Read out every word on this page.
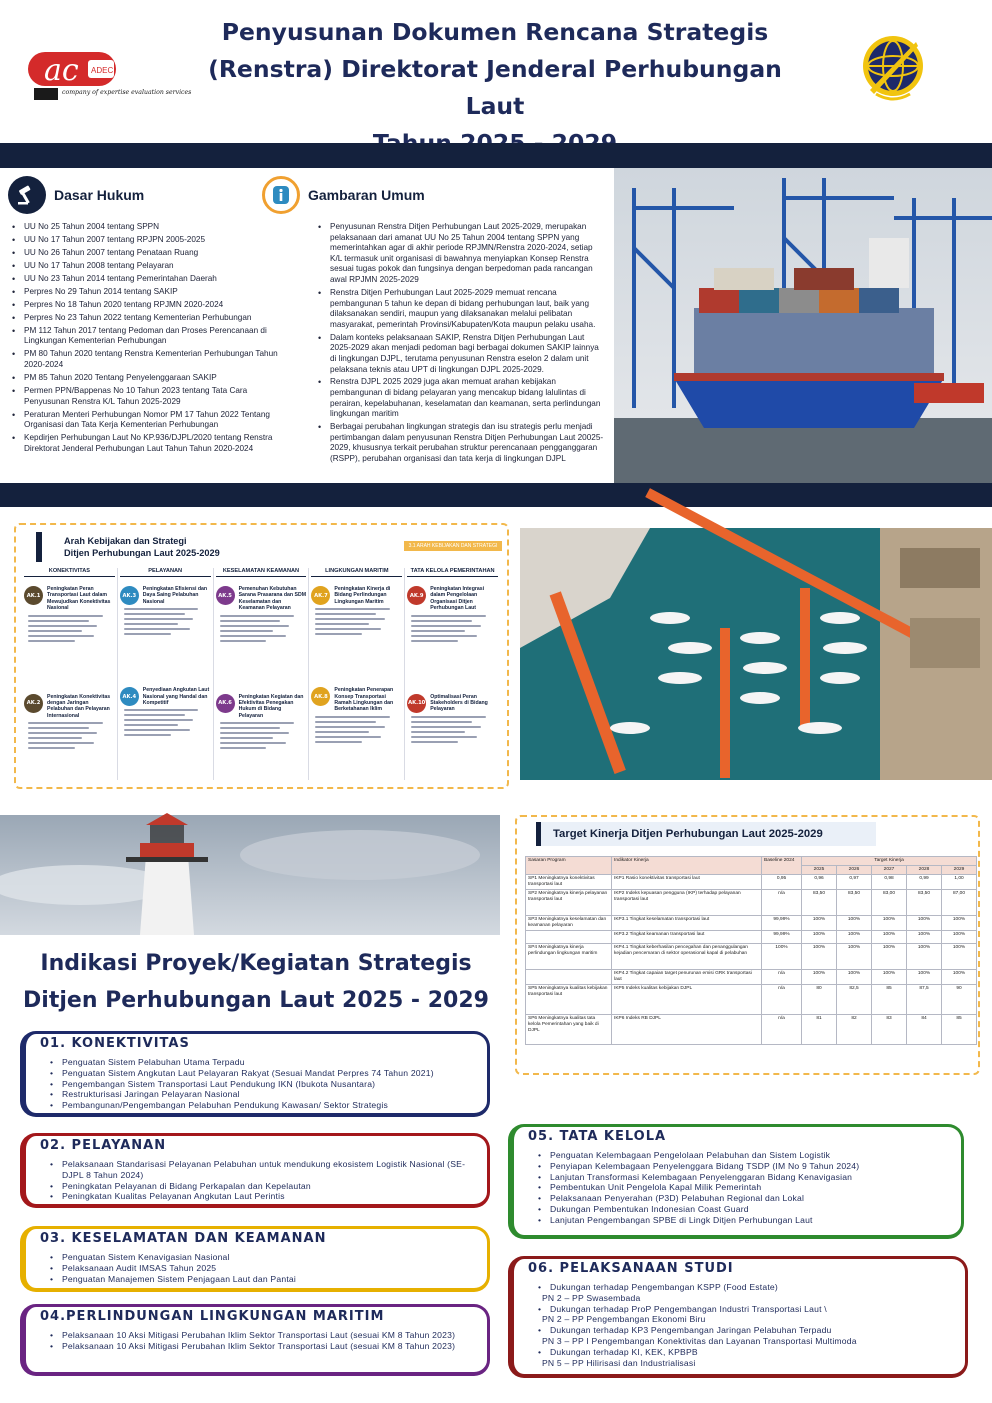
ac ADEC
company of expertise evaluation services
Penyusunan Dokumen Rencana Strategis
(Renstra) Direktorat Jenderal Perhubungan Laut
Dasar Hukum
• UU No 25 Tahun 2004 tentang SPPN
• UU No 17 Tahun 2007 tentang RPJPN 2005-2025
• UU No 26 Tahun 2007 tentang Penataan Ruang
• UU No 17 Tahun 2008 tentang Pelayaran
• UU No 23 Tahun 2014 tentang Pemerintahan Daerah
• Perpres No 29 Tahun 2014 tentang SAKIP
• Perpres No 18 Tahun 2020 tentang RPJMN 2020-2024
• Perpres No 23 Tahun 2022 tentang Kementerian Perhubungan
• PM 112 Tahun 2017 tentang Pedoman dan Proses Perencanaan di Lingkungan Kementerian Perhubungan
• PM 80 Tahun 2020 tentang Renstra Kementerian Perhubungan Tahun 2020-2024
• PM 85 Tahun 2020 Tentang Penyelenggaraan SAKIP
• Permen PPN/Bappenas No 10 Tahun 2023 tentang Tata Cara Penyusunan Renstra K/L Tahun 2025-2029
• Peraturan Menteri Perhubungan Nomor PM 17 Tahun 2022 Tentang Organisasi dan Tata Kerja Kementerian Perhubungan
• Kepdirjen Perhubungan Laut No KP.936/DJPL/2020 tentang Renstra Direktorat Jenderal Perhubungan Laut Tahun Tahun 2020-2024
Gambaran Umum
• Penyusunan Renstra Ditjen Perhubungan Laut 2025-2029, merupakan pelaksanaan dari amanat UU No 25 Tahun 2004 tentang SPPN yang memerintahkan agar di akhir periode RPJMN/Renstra 2020-2024, setiap K/L termasuk unit organisasi di bawahnya menyiapkan Konsep Renstra sesuai tugas pokok dan fungsinya dengan berpedoman pada rancangan awal RPJMN 2025-2029
• Renstra Ditjen Perhubungan Laut 2025-2029 memuat rencana pembangunan 5 tahun ke depan di bidang perhubungan laut, baik yang dilaksanakan sendiri, maupun yang dilaksanakan melalui pelibatan masyarakat, pemerintah Provinsi/Kabupaten/Kota maupun pelaku usaha.
• Dalam konteks pelaksanaan SAKIP, Renstra Ditjen Perhubungan Laut 2025-2029 akan menjadi pedoman bagi berbagai dokumen SAKIP lainnya di lingkungan DJPL, terutama penyusunan Renstra eselon 2 dalam unit pelaksana teknis atau UPT di lingkungan DJPL 2025-2029.
• Renstra DJPL 2025 2029 juga akan memuat arahan kebijakan pembangunan di bidang pelayaran yang mencakup bidang lalulintas di perairan, kepelabuhanan, keselamatan dan keamanan, serta perlindungan lingkungan maritim
• Berbagai perubahan lingkungan strategis dan isu strategis perlu menjadi pertimbangan dalam penyusunan Renstra Ditjen Perhubungan Laut 20025-2029, khususnya terkait perubahan struktur perencanaan pengganggaran (RSPP), perubahan organisasi dan tata kerja di lingkungan DJPL
Arah Kebijakan dan Strategi
Ditjen Perhubungan Laut 2025-2029
3.1 ARAH KEBIJAKAN DAN STRATEGI
KONEKTIVITAS
AK.1
Peningkatan Peran Transportasi Laut dalam Mewujudkan Konektivitas Nasional
AK.2
Peningkatan Konektivitas dengan Jaringan Pelabuhan dan Pelayaran Internasional
PELAYANAN
AK.3
Peningkatan Efisiensi dan Daya Saing Pelabuhan Nasional
AK.4
Penyediaan Angkutan Laut Nasional yang Handal dan Kompetitif
KESELAMATAN KEAMANAN
AK.5
Pemenuhan Kebutuhan Sarana Prasarana dan SDM Keselamatan dan Keamanan Pelayaran
AK.6
Peningkatan Kegiatan dan Efektivitas Penegakan Hukum di Bidang Pelayaran
LINGKUNGAN MARITIM
AK.7
Peningkatan Kinerja di Bidang Perlindungan Lingkungan Maritim
AK.8
Peningkatan Penerapan Konsep Transportasi Ramah Lingkungan dan Berketahanan Iklim
TATA KELOLA PEMERINTAHAN
AK.9
Peningkatan Integrasi dalam Pengelolaan Organisasi Ditjen Perhubungan Laut
AK.10
Optimalisasi Peran Stakeholders di Bidang Pelayaran
Target Kinerja Ditjen Perhubungan Laut 2025-2029
Sasaran Program	Indikator Kinerja	Baseline 2024	Target Kinerja				
			2025	2026	2027	2028	2029
SP1 Meningkatnya konektivitas transportasi laut	IKP1 Rasio konektivitas transportasi laut	0,95	0,96	0,97	0,98	0,99	1,00
SP2 Meningkatnya kinerja pelayanan transportasi laut	IKP2 Indeks kepuasan pengguna (IKP) terhadap pelayanan transportasi laut	n/a	83,50	83,50	83,00	83,50	87,00
SP3 Meningkatnya keselamatan dan keamanan pelayaran	IKP3.1 Tingkat keselamatan transportasi laut	99,99%	100%	100%	100%	100%	100%
	IKP3.2 Tingkat keamanan transportasi laut	99,99%	100%	100%	100%	100%	100%
SP4 Meningkatnya kinerja perlindungan lingkungan maritim	IKP4.1 Tingkat keberhasilan pencegahan dan penanggulangan kejadian pencemaran di sektor operasional kapal di pelabuhan	100%	100%	100%	100%	100%	100%
	IKP4.2 Tingkat capaian target penurunan emisi GRK transportasi laut	n/a	100%	100%	100%	100%	100%
SP5 Meningkatnya kualitas kebijakan transportasi laut	IKP5 Indeks kualitas kebijakan DJPL	n/a	80	82,5	85	87,5	90
SP6 Meningkatnya kualitas tata kelola Pemerintahan yang baik di DJPL	IKP6 Indeks RB DJPL	n/a	81	82	83	84	85
Indikasi Proyek/Kegiatan Strategis
Ditjen Perhubungan Laut 2025 - 2029
01. KONEKTIVITAS
• Penguatan Sistem Pelabuhan Utama Terpadu
• Penguatan Sistem Angkutan Laut Pelayaran Rakyat (Sesuai Mandat Perpres 74 Tahun 2021)
• Pengembangan Sistem Transportasi Laut Pendukung IKN (Ibukota Nusantara)
• Restrukturisasi Jaringan Pelayaran Nasional
• Pembangunan/Pengembangan Pelabuhan Pendukung Kawasan/ Sektor Strategis
02. PELAYANAN
• Pelaksanaan Standarisasi Pelayanan Pelabuhan untuk mendukung ekosistem Logistik Nasional (SE-DJPL 8 Tahun 2024)
• Peningkatan Pelayanan di Bidang Perkapalan dan Kepelautan
• Peningkatan Kualitas Pelayanan Angkutan Laut Perintis
03. KESELAMATAN DAN KEAMANAN
• Penguatan Sistem Kenavigasian Nasional
• Pelaksanaan Audit IMSAS Tahun 2025
• Penguatan Manajemen Sistem Penjagaan Laut dan Pantai
04.PERLINDUNGAN LINGKUNGAN MARITIM
• Pelaksanaan 10 Aksi Mitigasi Perubahan Iklim Sektor Transportasi Laut (sesuai KM 8 Tahun 2023)
• Pelaksanaan 10 Aksi Mitigasi Perubahan Iklim Sektor Transportasi Laut (sesuai KM 8 Tahun 2023)
05. TATA KELOLA
• Penguatan Kelembagaan Pengelolaan Pelabuhan dan Sistem Logistik
• Penyiapan Kelembagaan Penyelenggara Bidang TSDP (IM No 9 Tahun 2024)
• Lanjutan Transformasi Kelembagaan Penyelenggaran Bidang Kenavigasian
• Pembentukan Unit Pengelola Kapal Milik Pemerintah
• Pelaksanaan Penyerahan (P3D) Pelabuhan Regional dan Lokal
• Dukungan Pembentukan Indonesian Coast Guard
• Lanjutan Pengembangan SPBE di Lingk Ditjen Perhubungan Laut
06. PELAKSANAAN STUDI
• Dukungan terhadap Pengembangan KSPP (Food Estate)
PN 2 – PP Swasembada
• Dukungan terhadap ProP Pengembangan Industri Transportasi Laut \
PN 2 – PP Pengembangan Ekonomi Biru
• Dukungan terhadap KP3 Pengembangan Jaringan Pelabuhan Terpadu
PN 3 – PP I Pengembangan Konektivitas dan Layanan Transportasi Multimoda
• Dukungan terhadap KI, KEK, KPBPB
PN 5 – PP Hilirisasi dan Industrialisasi
